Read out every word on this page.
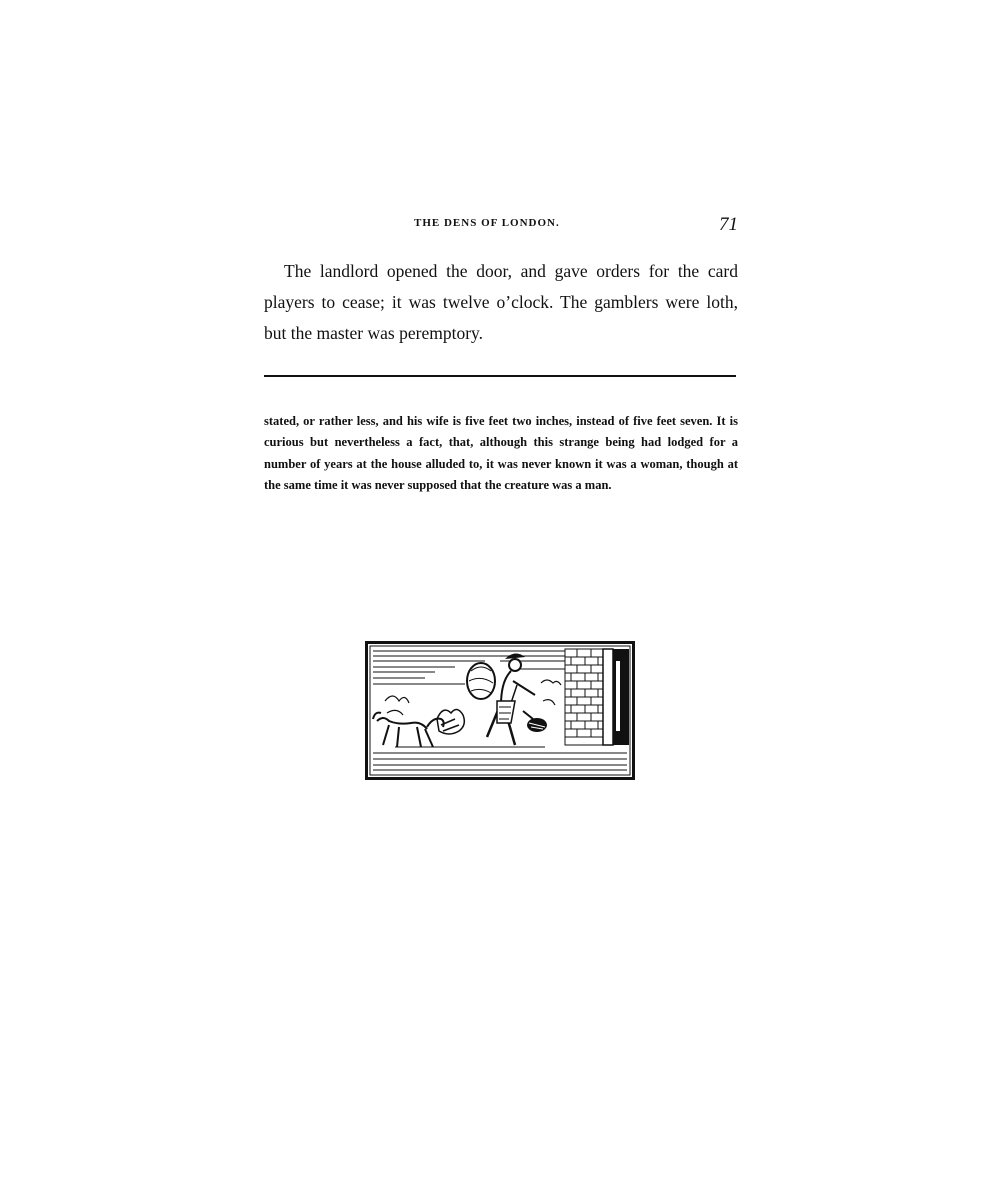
THE DENS OF LONDON.	71

The landlord opened the door, and gave orders for the card players to cease; it was twelve o’clock. The gamblers were loth, but the master was peremptory.

stated, or rather less, and his wife is five feet two inches, instead of five feet seven. It is curious but nevertheless a fact, that, although this strange being had lodged for a number of years at the house alluded to, it was never known it was a woman, though at the same time it was never supposed that the creature was a man.
